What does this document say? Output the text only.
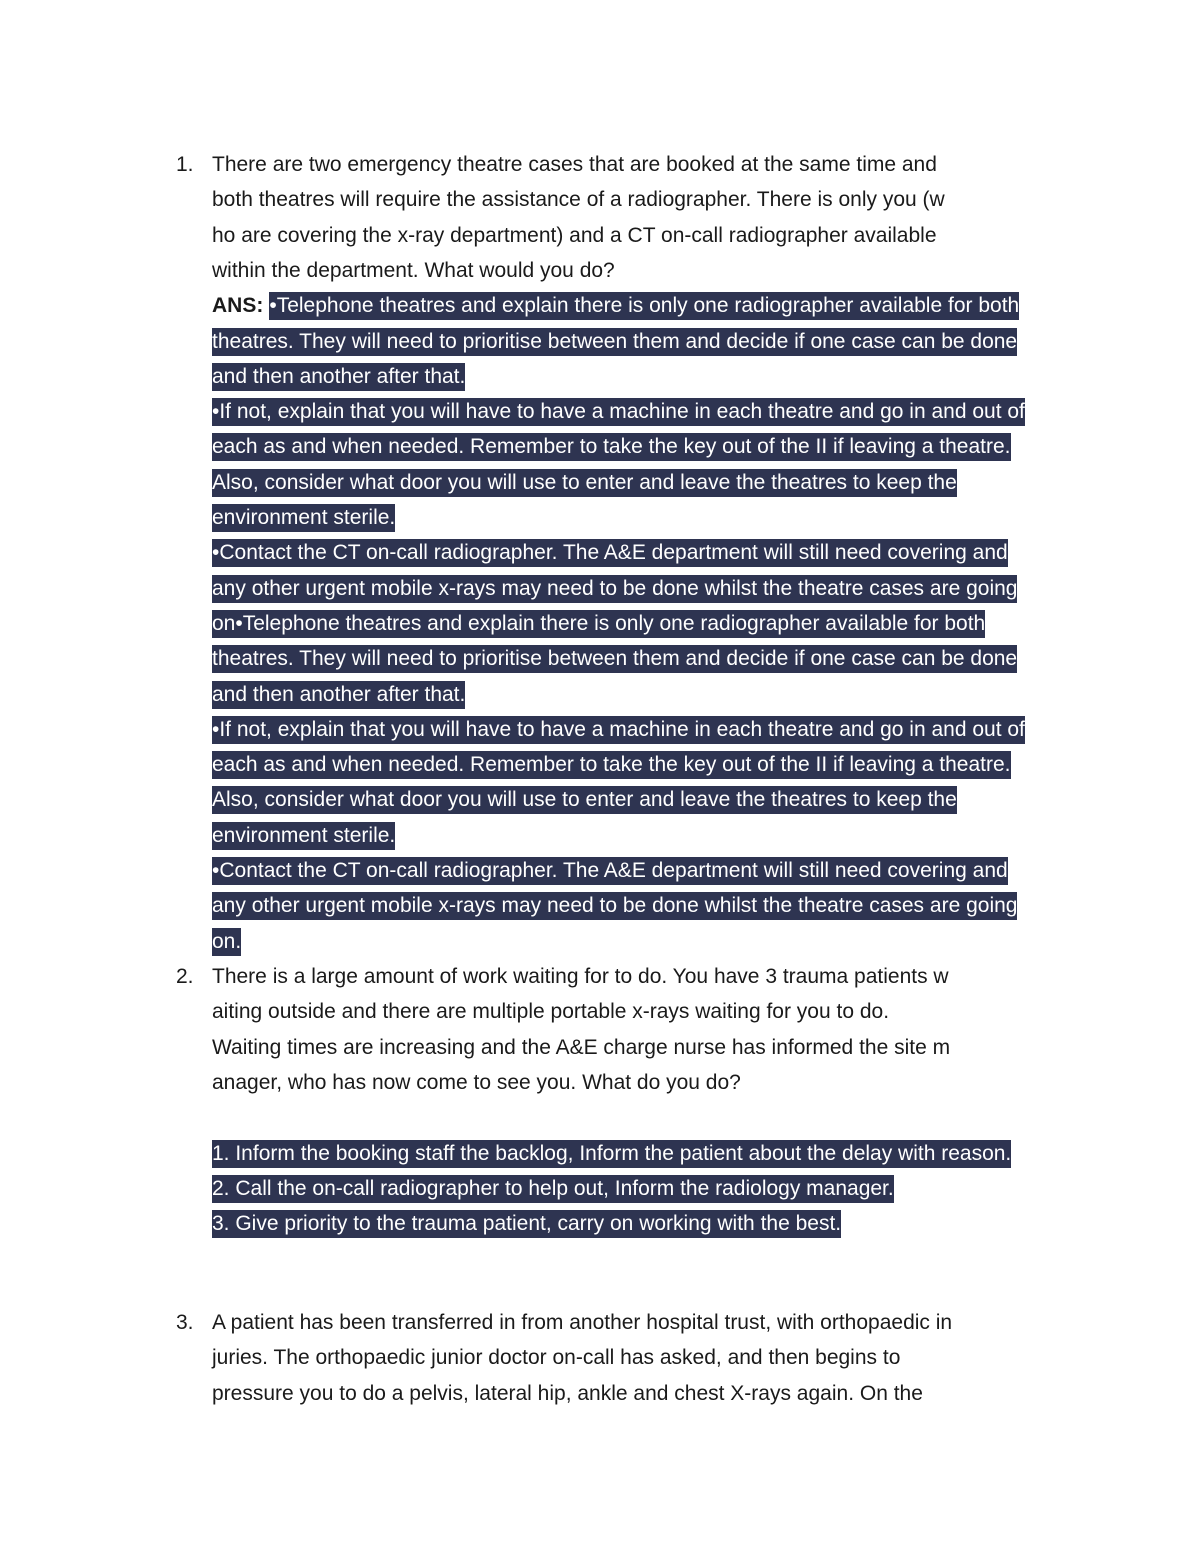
1. There are two emergency theatre cases that are booked at the same time and
both theatres will require the assistance of a radiographer. There is only you (w
ho are covering the x-ray department) and a CT on-call radiographer available
within the department. What would you do?
ANS: •Telephone theatres and explain there is only one radiographer available for both
theatres. They will need to prioritise between them and decide if one case can be done
and then another after that.
•If not, explain that you will have to have a machine in each theatre and go in and out of
each as and when needed. Remember to take the key out of the II if leaving a theatre.
Also, consider what door you will use to enter and leave the theatres to keep the
environment sterile.
•Contact the CT on-call radiographer. The A&E department will still need covering and
any other urgent mobile x-rays may need to be done whilst the theatre cases are going
on•Telephone theatres and explain there is only one radiographer available for both
theatres. They will need to prioritise between them and decide if one case can be done
and then another after that.
•If not, explain that you will have to have a machine in each theatre and go in and out of
each as and when needed. Remember to take the key out of the II if leaving a theatre.
Also, consider what door you will use to enter and leave the theatres to keep the
environment sterile.
•Contact the CT on-call radiographer. The A&E department will still need covering and
any other urgent mobile x-rays may need to be done whilst the theatre cases are going
on.
2. There is a large amount of work waiting for to do. You have 3 trauma patients w
aiting outside and there are multiple portable x-rays waiting for you to do.
Waiting times are increasing and the A&E charge nurse has informed the site m
anager, who has now come to see you. What do you do?
1. Inform the booking staff the backlog, Inform the patient about the delay with reason.
2. Call the on-call radiographer to help out, Inform the radiology manager.
3. Give priority to the trauma patient, carry on working with the best.
3. A patient has been transferred in from another hospital trust, with orthopaedic in
juries. The orthopaedic junior doctor on-call has asked, and then begins to
pressure you to do a pelvis, lateral hip, ankle and chest X-rays again. On the
